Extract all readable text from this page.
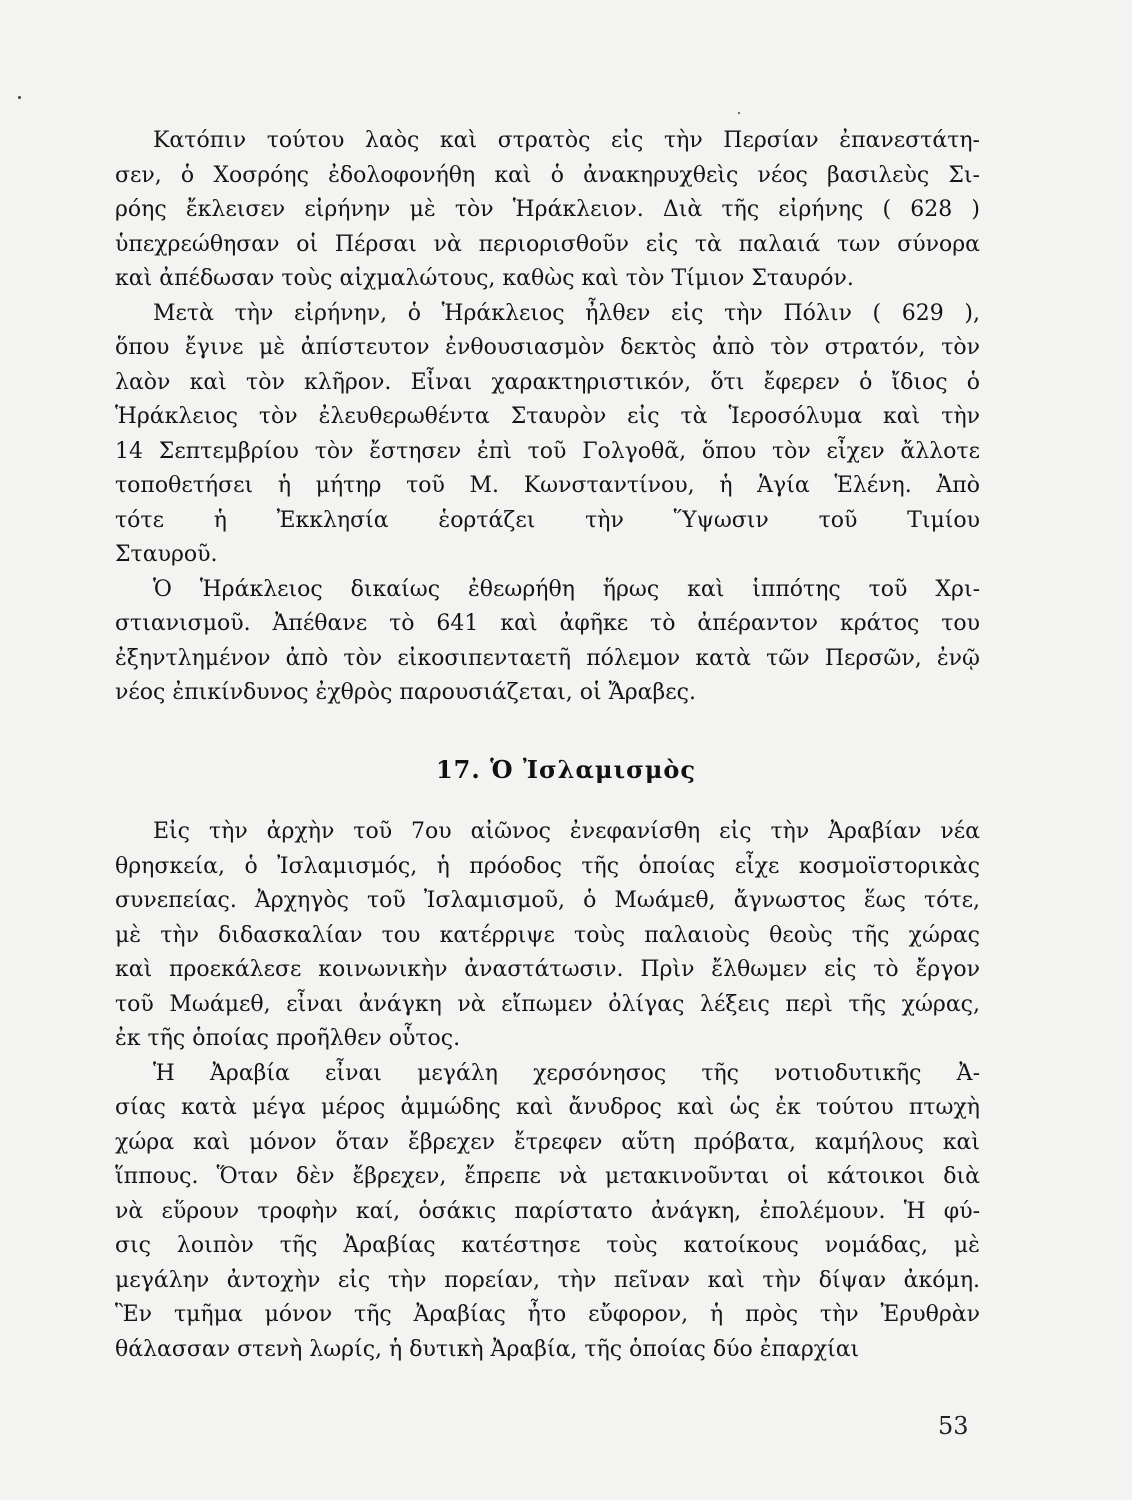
Κατόπιν τούτου λαὸς καὶ στρατὸς εἰς τὴν Περσίαν ἐπανεστάτη-
σεν, ὁ Χοσρόης ἐδολοφονήθη καὶ ὁ ἀνακηρυχθεὶς νέος βασιλεὺς Σι-
ρόης ἔκλεισεν εἰρήνην μὲ τὸν Ἡράκλειον. Διὰ τῆς εἰρήνης ( 628 )
ὑπεχρεώθησαν οἱ Πέρσαι νὰ περιορισθοῦν εἰς τὰ παλαιά των σύνορα
καὶ ἀπέδωσαν τοὺς αἰχμαλώτους, καθὼς καὶ τὸν Τίμιον Σταυρόν.
Μετὰ τὴν εἰρήνην, ὁ Ἡράκλειος ἦλθεν εἰς τὴν Πόλιν ( 629 ),
ὅπου ἔγινε μὲ ἀπίστευτον ἐνθουσιασμὸν δεκτὸς ἀπὸ τὸν στρατόν, τὸν
λαὸν καὶ τὸν κλῆρον. Εἶναι χαρακτηριστικόν, ὅτι ἔφερεν ὁ ἴδιος ὁ
Ἡράκλειος τὸν ἐλευθερωθέντα Σταυρὸν εἰς τὰ Ἱεροσόλυμα καὶ τὴν
14 Σεπτεμβρίου τὸν ἔστησεν ἐπὶ τοῦ Γολγοθᾶ, ὅπου τὸν εἶχεν ἄλλοτε
τοποθετήσει ἡ μήτηρ τοῦ Μ. Κωνσταντίνου, ἡ Ἁγία Ἑλένη. Ἀπὸ
τότε ἡ Ἐκκλησία ἑορτάζει τὴν Ὕψωσιν τοῦ Τιμίου
Σταυροῦ.
Ὁ Ἡράκλειος δικαίως ἐθεωρήθη ἥρως καὶ ἱππότης τοῦ Χρι-
στιανισμοῦ. Ἀπέθανε τὸ 641 καὶ ἀφῆκε τὸ ἀπέραντον κράτος του
ἐξηντλημένον ἀπὸ τὸν εἰκοσιπενταετῆ πόλεμον κατὰ τῶν Περσῶν, ἐνῷ
νέος ἐπικίνδυνος ἐχθρὸς παρουσιάζεται, οἱ Ἄραβες.
17. Ὁ Ἰσλαμισμὸς
Εἰς τὴν ἀρχὴν τοῦ 7ου αἰῶνος ἐνεφανίσθη εἰς τὴν Ἀραβίαν νέα
θρησκεία, ὁ Ἰσλαμισμός, ἡ πρόοδος τῆς ὁποίας εἶχε κοσμοϊστορικὰς
συνεπείας. Ἀρχηγὸς τοῦ Ἰσλαμισμοῦ, ὁ Μωάμεθ, ἄγνωστος ἕως τότε,
μὲ τὴν διδασκαλίαν του κατέρριψε τοὺς παλαιοὺς θεοὺς τῆς χώρας
καὶ προεκάλεσε κοινωνικὴν ἀναστάτωσιν. Πρὶν ἔλθωμεν εἰς τὸ ἔργον
τοῦ Μωάμεθ, εἶναι ἀνάγκη νὰ εἴπωμεν ὀλίγας λέξεις περὶ τῆς χώρας,
ἐκ τῆς ὁποίας προῆλθεν οὗτος.
Ἡ Ἀραβία εἶναι μεγάλη χερσόνησος τῆς νοτιοδυτικῆς Ἀ-
σίας κατὰ μέγα μέρος ἀμμώδης καὶ ἄνυδρος καὶ ὡς ἐκ τούτου πτωχὴ
χώρα καὶ μόνον ὅταν ἔβρεχεν ἔτρεφεν αὕτη πρόβατα, καμήλους καὶ
ἵππους. Ὅταν δὲν ἔβρεχεν, ἔπρεπε νὰ μετακινοῦνται οἱ κάτοικοι διὰ
νὰ εὕρουν τροφὴν καί, ὁσάκις παρίστατο ἀνάγκη, ἐπολέμουν. Ἡ φύ-
σις λοιπὸν τῆς Ἀραβίας κατέστησε τοὺς κατοίκους νομάδας, μὲ
μεγάλην ἀντοχὴν εἰς τὴν πορείαν, τὴν πεῖναν καὶ τὴν δίψαν ἀκόμη.
Ἓν τμῆμα μόνον τῆς Ἀραβίας ἦτο εὔφορον, ἡ πρὸς τὴν Ἐρυθρὰν
θάλασσαν στενὴ λωρίς, ἡ δυτικὴ Ἀραβία, τῆς ὁποίας δύο ἐπαρχίαι
53
